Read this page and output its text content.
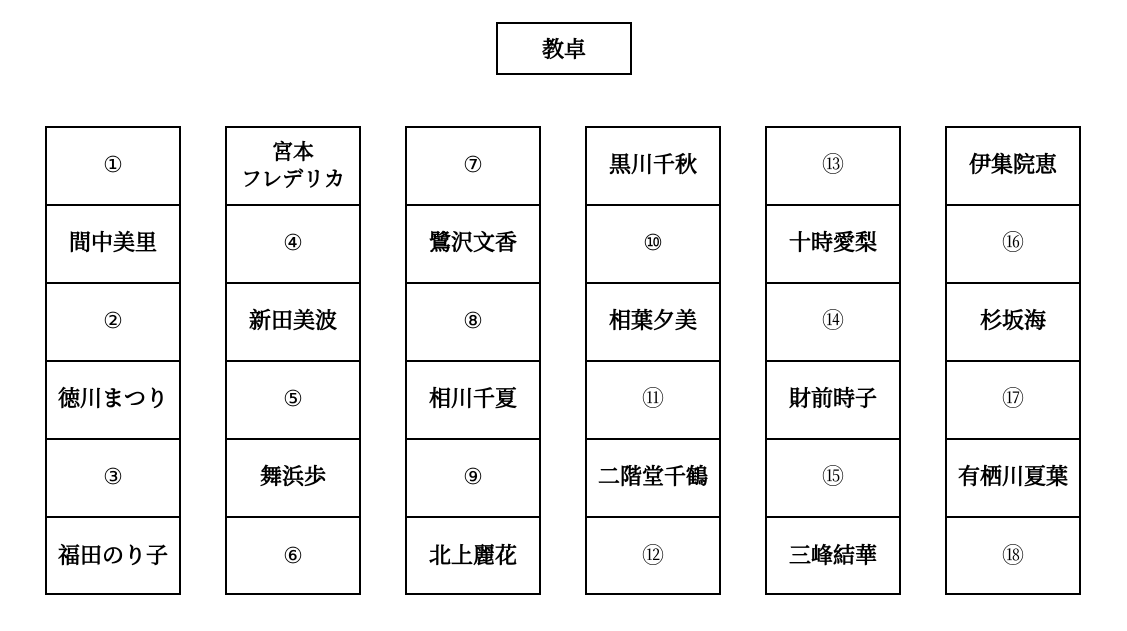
教卓
①
間中美里
②
徳川まつり
③
福田のり子
宮本
フレデリカ
④
新田美波
⑤
舞浜歩
⑥
⑦
鷺沢文香
⑧
相川千夏
⑨
北上麗花
黒川千秋
⑩
相葉夕美
⑪
二階堂千鶴
⑫
⑬
十時愛梨
⑭
財前時子
⑮
三峰結華
伊集院恵
⑯
杉坂海
⑰
有栖川夏葉
⑱
